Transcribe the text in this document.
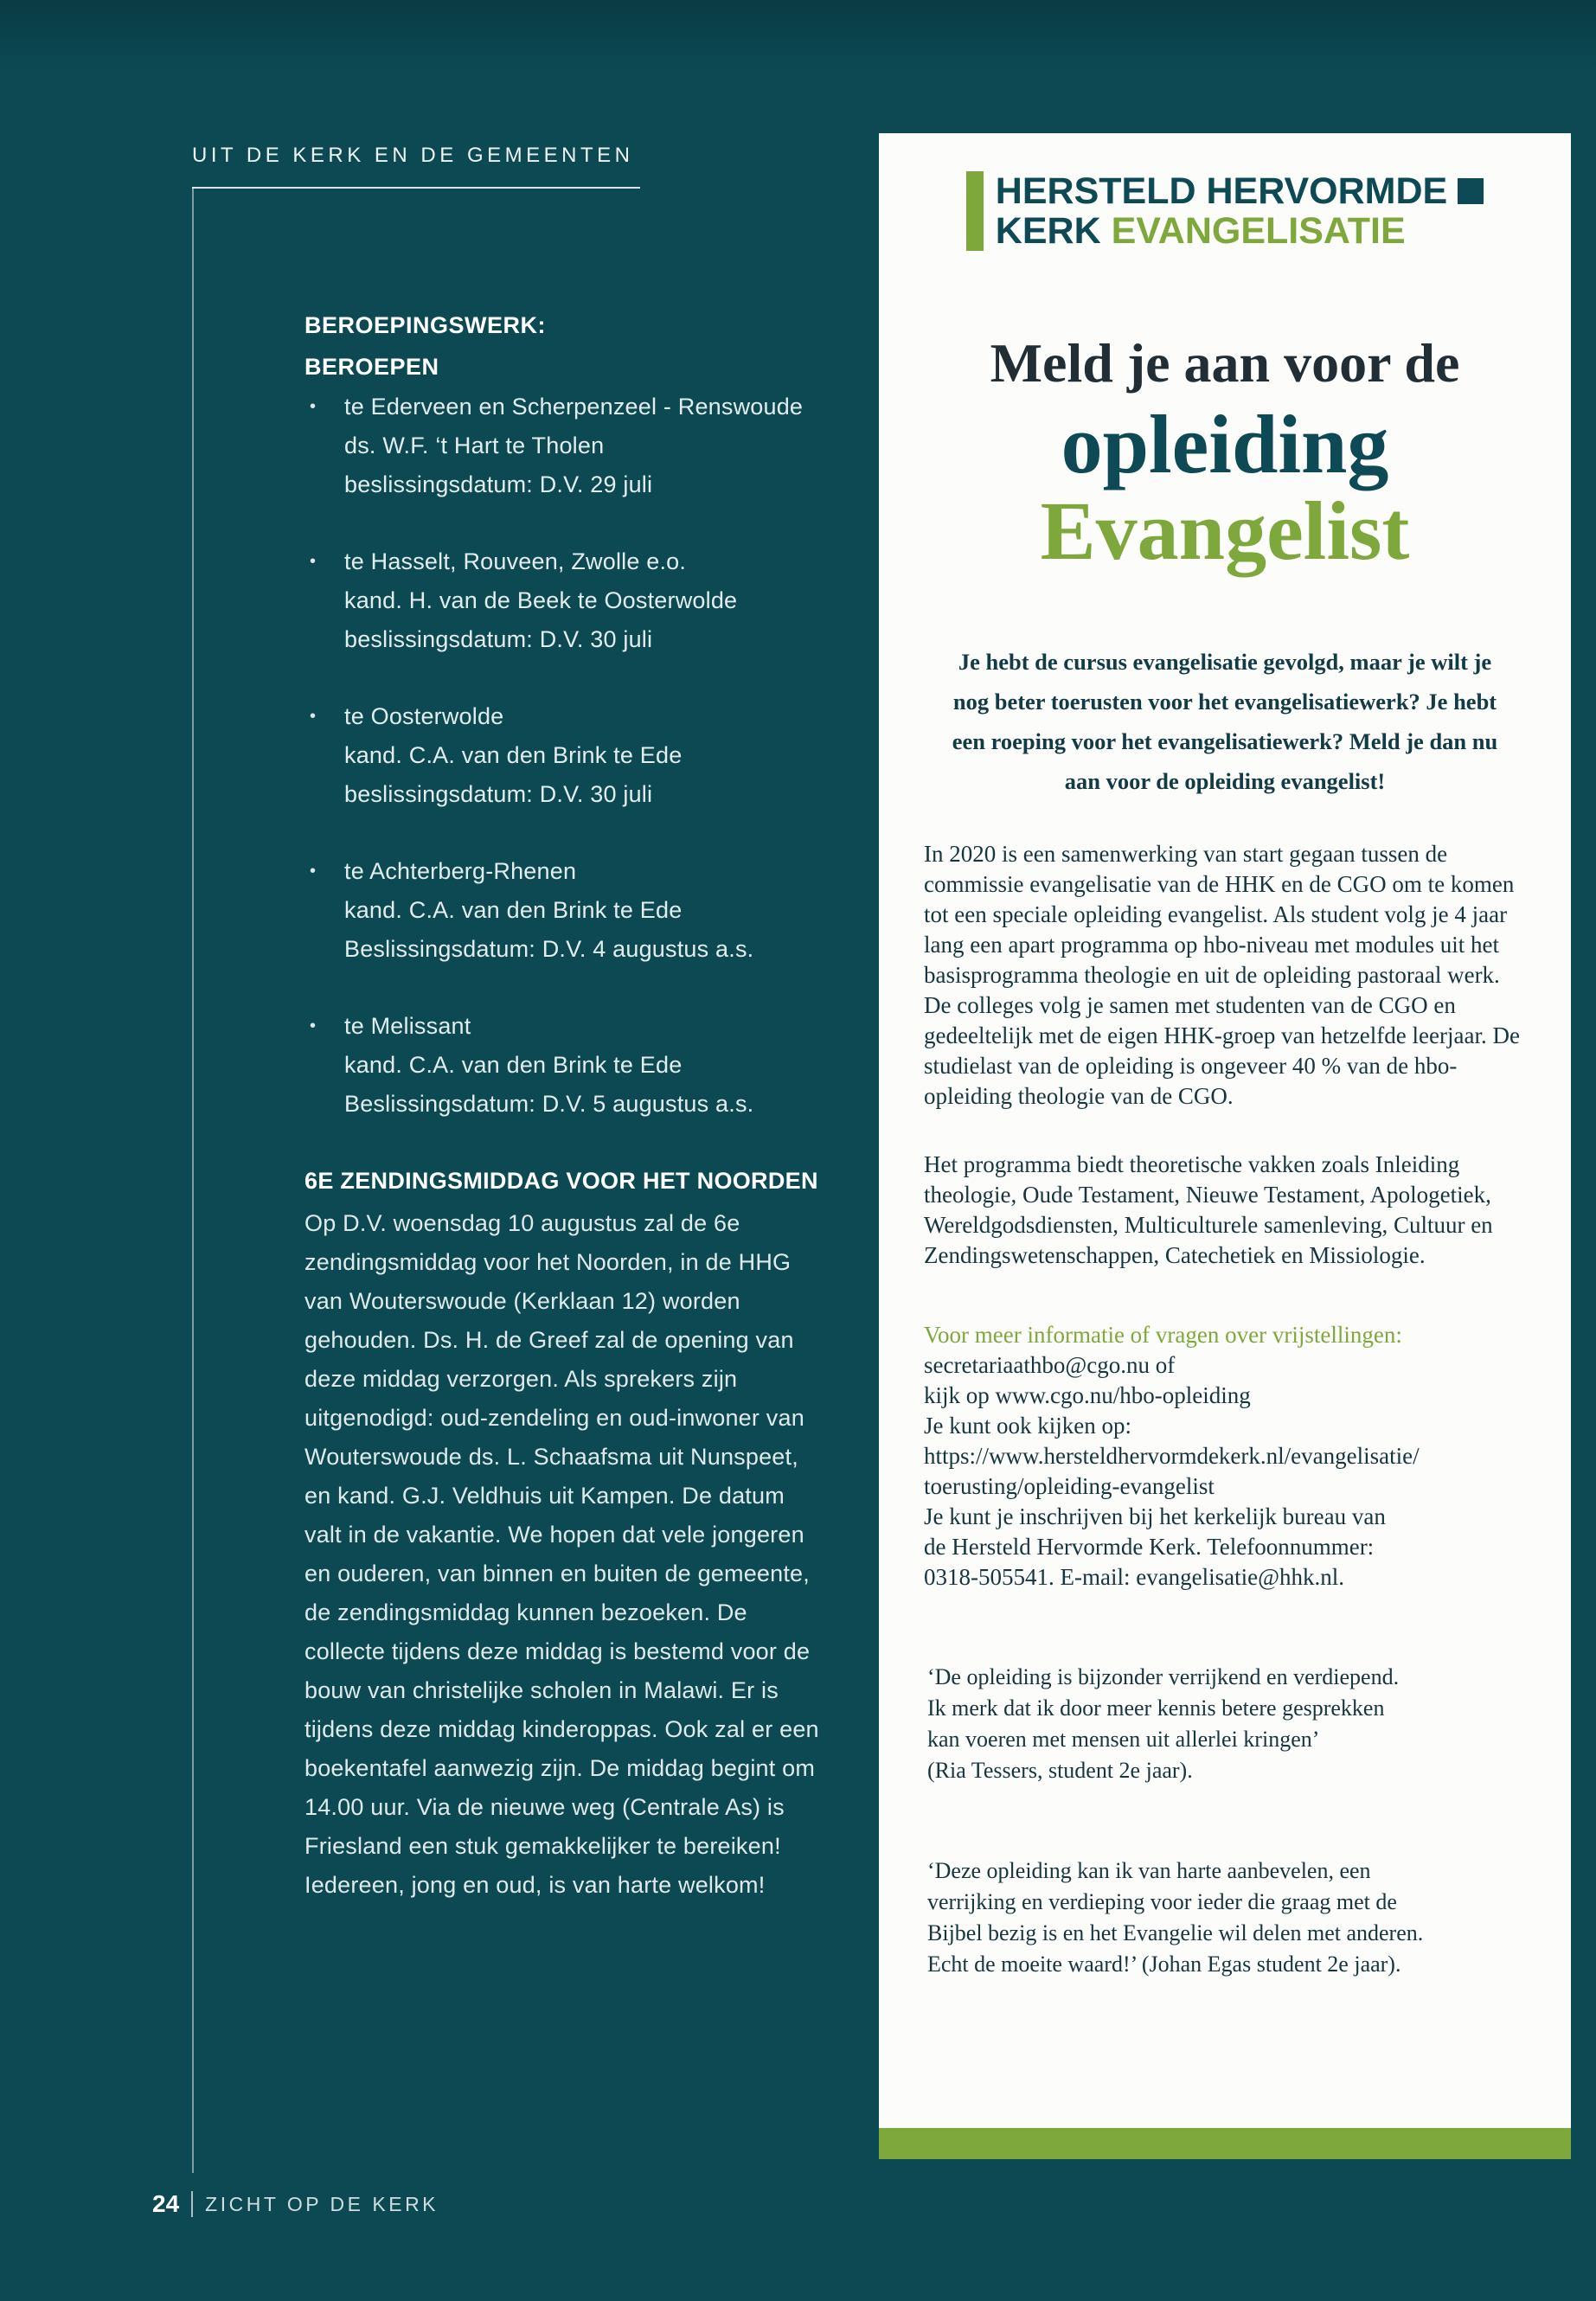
UIT DE KERK EN DE GEMEENTEN
BEROEPINGSWERK:
BEROEPEN
•	te Ederveen en Scherpenzeel - Renswoude
ds. W.F. ‘t Hart te Tholen
beslissingsdatum: D.V. 29 juli
•	te Hasselt, Rouveen, Zwolle e.o.
kand. H. van de Beek te Oosterwolde
beslissingsdatum: D.V. 30 juli
•	te Oosterwolde
kand. C.A. van den Brink te Ede
beslissingsdatum: D.V. 30 juli
•	te Achterberg-Rhenen
kand. C.A. van den Brink te Ede
Beslissingsdatum: D.V. 4 augustus a.s.
•	te Melissant
kand. C.A. van den Brink te Ede
Beslissingsdatum: D.V. 5 augustus a.s.
6E ZENDINGSMIDDAG VOOR HET NOORDEN
Op D.V. woensdag 10 augustus zal de 6e zendingsmiddag voor het Noorden, in de HHG van Wouterswoude (Kerklaan 12) worden gehouden. Ds. H. de Greef zal de opening van deze middag verzorgen. Als sprekers zijn uitgenodigd: oud-zendeling en oud-inwoner van Wouterswoude ds. L. Schaafsma uit Nunspeet, en kand. G.J. Veldhuis uit Kampen. De datum valt in de vakantie. We hopen dat vele jongeren en ouderen, van binnen en buiten de gemeente, de zendingsmiddag kunnen bezoeken. De collecte tijdens deze middag is bestemd voor de bouw van christelijke scholen in Malawi. Er is tijdens deze middag kinderoppas. Ook zal er een boekentafel aanwezig zijn. De middag begint om 14.00 uur. Via de nieuwe weg (Centrale As) is Friesland een stuk gemakkelijker te bereiken! Iedereen, jong en oud, is van harte welkom!
HERSTELD HERVORMDE
KERK EVANGELISATIE
Meld je aan voor de
opleiding
Evangelist
Je hebt de cursus evangelisatie gevolgd, maar je wilt je nog beter toerusten voor het evangelisatiewerk? Je hebt een roeping voor het evangelisatiewerk? Meld je dan nu aan voor de opleiding evangelist!

In 2020 is een samenwerking van start gegaan tussen de commissie evangelisatie van de HHK en de CGO om te komen tot een speciale opleiding evangelist. Als student volg je 4 jaar lang een apart programma op hbo-niveau met modules uit het basisprogramma theologie en uit de opleiding pastoraal werk. De colleges volg je samen met studenten van de CGO en gedeeltelijk met de eigen HHK-groep van hetzelfde leerjaar. De studielast van de opleiding is ongeveer 40 % van de hbo-opleiding theologie van de CGO.

Het programma biedt theoretische vakken zoals Inleiding theologie, Oude Testament, Nieuwe Testament, Apologetiek, Wereldgodsdiensten, Multiculturele samenleving, Cultuur en Zendingswetenschappen, Catechetiek en Missiologie.

Voor meer informatie of vragen over vrijstellingen:
secretariaathbo@cgo.nu of
kijk op www.cgo.nu/hbo-opleiding
Je kunt ook kijken op:
https://www.hersteldhervormdekerk.nl/evangelisatie/
toerusting/opleiding-evangelist
Je kunt je inschrijven bij het kerkelijk bureau van
de Hersteld Hervormde Kerk. Telefoonnummer:
0318-505541. E-mail: evangelisatie@hhk.nl.
‘De opleiding is bijzonder verrijkend en verdiepend.
Ik merk dat ik door meer kennis betere gesprekken
kan voeren met mensen uit allerlei kringen’
(Ria Tessers, student 2e jaar).
‘Deze opleiding kan ik van harte aanbevelen, een
verrijking en verdieping voor ieder die graag met de
Bijbel bezig is en het Evangelie wil delen met anderen.
Echt de moeite waard!’ (Johan Egas student 2e jaar).
24 ZICHT OP DE KERK
